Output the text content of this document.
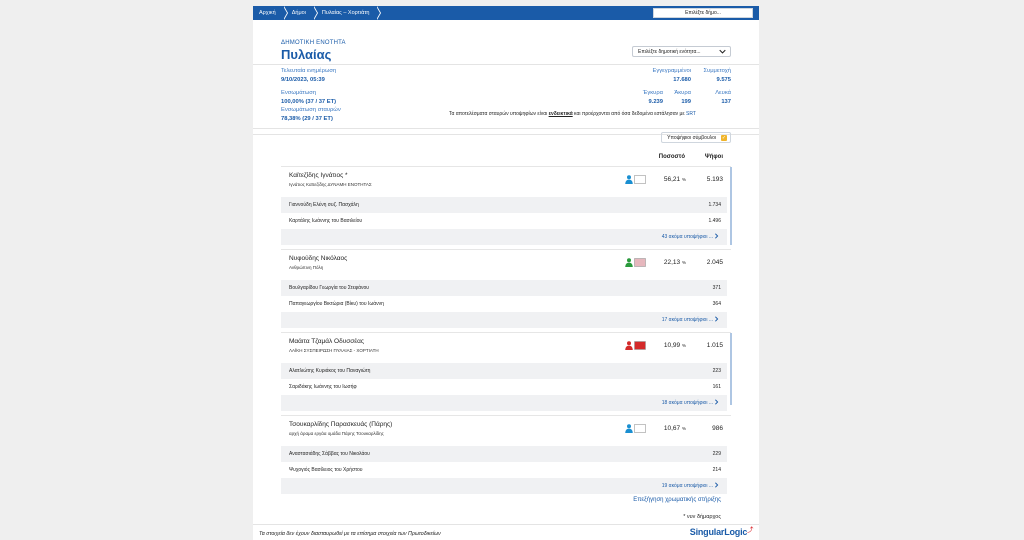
Αρχική	Δήμοι	Πυλαίας – Χορτιάτη	Επιλέξτε δήμο...
ΔΗΜΟΤΙΚΗ ΕΝΟΤΗΤΑ
Πυλαίας	Επιλέξτε δημοτική ενότητα...
Τελευταία ενημέρωση
9/10/2023, 05:39
Ενσωμάτωση
100,00% (37 / 37 ΕΤ)
Εγγεγραμμένοι
17.680
Συμμετοχή
9.575
Έγκυρα
9.239
Άκυρα
199
Λευκά
137
Ενσωμάτωση σταυρών
78,38% (29 / 37 ΕΤ)
Τα αποτελέσματα σταυρών υποψηφίων είναι ενδεικτικά και προέρχονται από όσα δεδομένα εστάλησαν με SRT
Υποψήφιοι σύμβουλοι ✓
Ποσοστό	Ψήφοι
Καϊτεζίδης Ιγνάτιος *
Ιγνάτιος Καϊτεζίδης ΔΥΝΑΜΗ ΕΝΟΤΗΤΑΣ
56,21 %	5.193
Γιαννούδη Ελένη συζ. Πασχάλη	1.734
Καρτάλης Ιωάννης του Βασιλείου	1.496
43 ακόμα υποψήφιοι ...
Νυφούδης Νικόλαος
Ανθρώπινη Πόλη
22,13 %	2.045
Βουλγαρίδου Γεωργία του Στεφάνου	371
Παπαγεωργίου Βικτώρια (Βίκυ) του Ιωάννη	364
17 ακόμα υποψήφιοι ...
Μαάιτα Τζαμάλ Οδυσσέας
ΛΑΪΚΗ ΣΥΣΠΕΙΡΩΣΗ ΠΥΛΑΙΑΣ - ΧΟΡΤΙΑΤΗ
10,99 %	1.015
Αλατλιώτης Κυριάκος του Παναγιώτη	223
Σαριδάκης Ιωάννης του Ιωσήφ	161
18 ακόμα υποψήφιοι ...
Τσουκαρλίδης Παρασκευάς (Πάρης)
αρχή άραμα εργάα ομάδα Πάρης Τσουκαρλίδης
10,67 %	986
Αναστασιάδης Σάββας του Νικολάου	229
Ψυχογιός Βασίλειος του Χρήστου	214
19 ακόμα υποψήφιοι ...
Επεξήγηση χρωματικής στήριξης
* νυν δήμαρχος
Τα στοιχεία δεν έχουν διασταυρωθεί με τα επίσημα στοιχεία των Πρωτοδικείων	SingularLogic⤴
